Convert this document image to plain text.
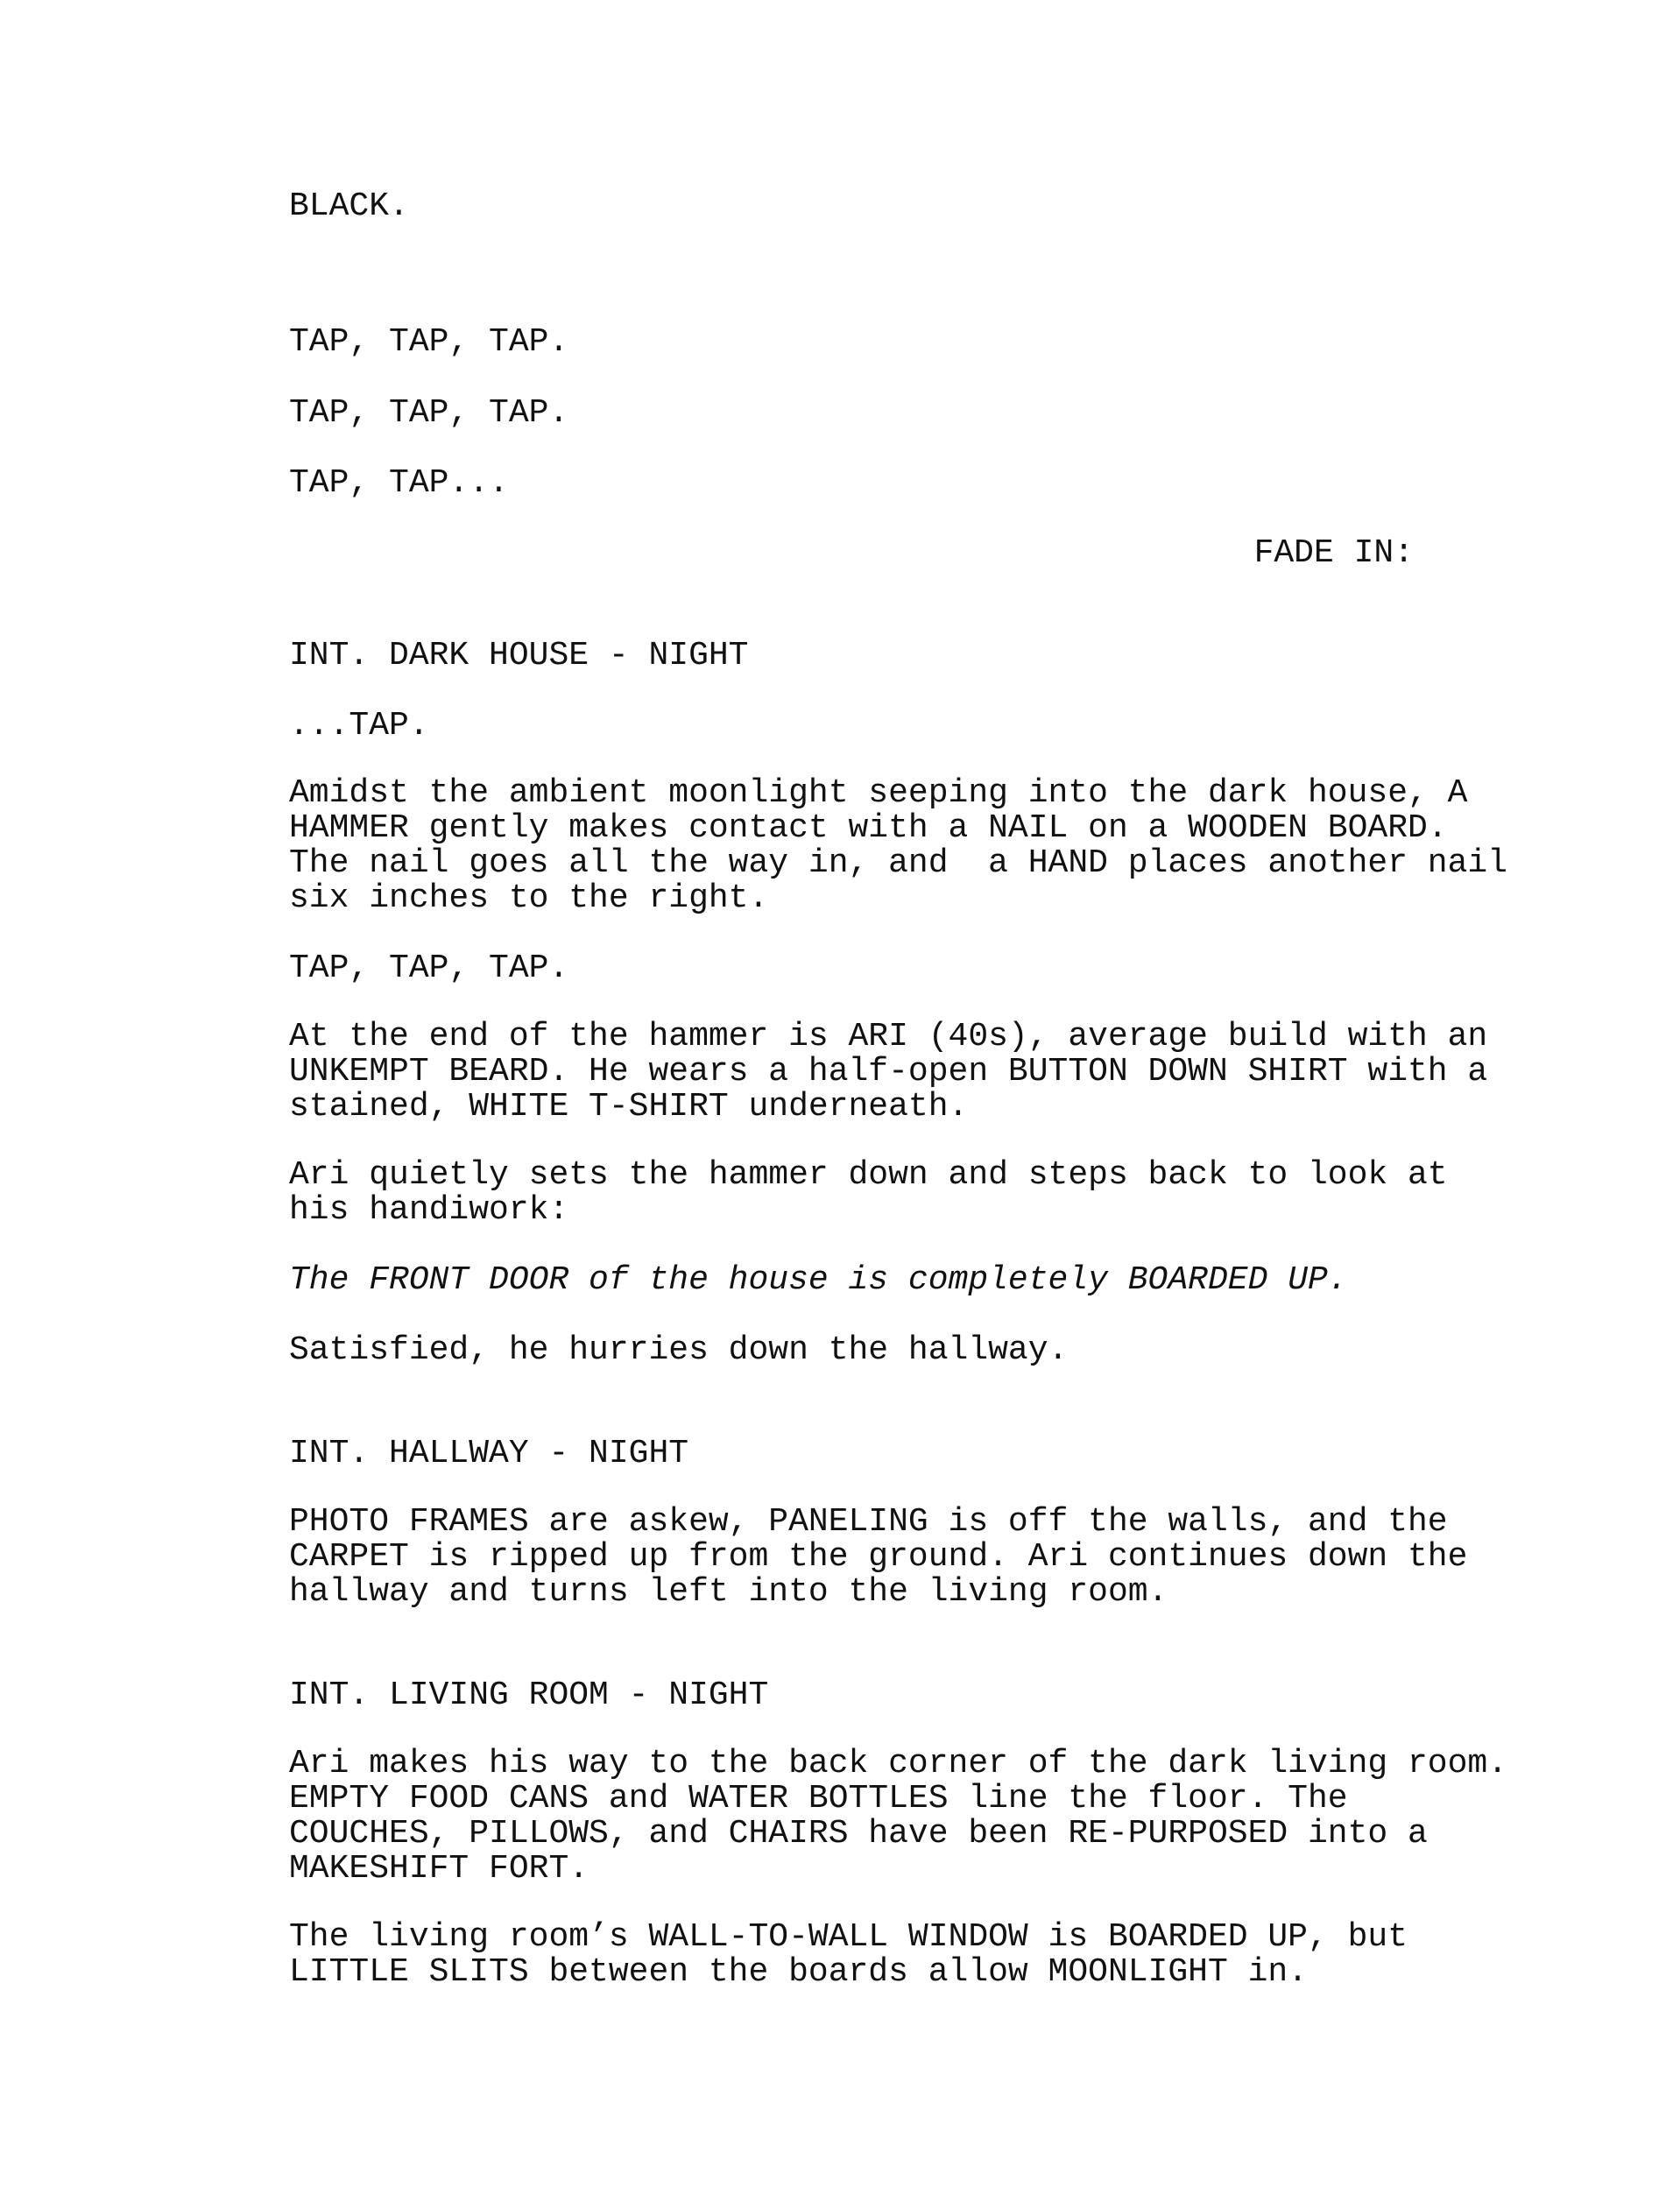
BLACK.

TAP, TAP, TAP.

TAP, TAP, TAP.

TAP, TAP...

FADE IN:

INT. DARK HOUSE - NIGHT

...TAP.

Amidst the ambient moonlight seeping into the dark house, A

HAMMER gently makes contact with a NAIL on a WOODEN BOARD.

The nail goes all the way in, and  a HAND places another nail

six inches to the right.

TAP, TAP, TAP.

At the end of the hammer is ARI (40s), average build with an

UNKEMPT BEARD. He wears a half-open BUTTON DOWN SHIRT with a

stained, WHITE T-SHIRT underneath.

Ari quietly sets the hammer down and steps back to look at

his handiwork:

The FRONT DOOR of the house is completely BOARDED UP.

Satisfied, he hurries down the hallway.

INT. HALLWAY - NIGHT

PHOTO FRAMES are askew, PANELING is off the walls, and the

CARPET is ripped up from the ground. Ari continues down the

hallway and turns left into the living room.

INT. LIVING ROOM - NIGHT

Ari makes his way to the back corner of the dark living room.

EMPTY FOOD CANS and WATER BOTTLES line the floor. The

COUCHES, PILLOWS, and CHAIRS have been RE-PURPOSED into a

MAKESHIFT FORT.

The living room’s WALL-TO-WALL WINDOW is BOARDED UP, but

LITTLE SLITS between the boards allow MOONLIGHT in.
